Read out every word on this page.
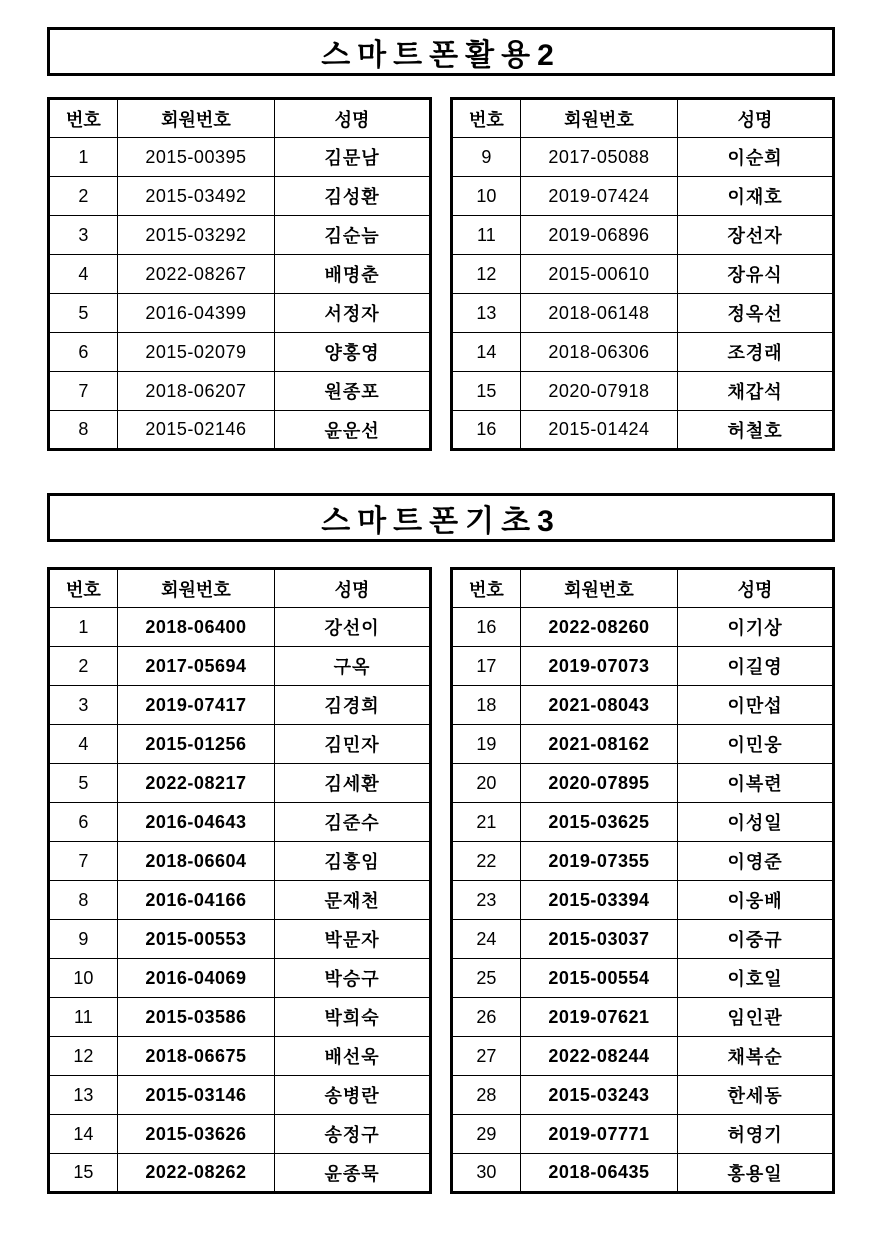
스마트폰활용2
번호	회원번호	성명
1	2015-00395	김문남
2	2015-03492	김성환
3	2015-03292	김순늠
4	2022-08267	배명춘
5	2016-04399	서정자
6	2015-02079	양홍영
7	2018-06207	원종포
8	2015-02146	윤운선
번호	회원번호	성명
9	2017-05088	이순희
10	2019-07424	이재호
11	2019-06896	장선자
12	2015-00610	장유식
13	2018-06148	정옥선
14	2018-06306	조경래
15	2020-07918	채갑석
16	2015-01424	허철호
스마트폰기초3
번호	회원번호	성명
1	2018-06400	강선이
2	2017-05694	구옥
3	2019-07417	김경희
4	2015-01256	김민자
5	2022-08217	김세환
6	2016-04643	김준수
7	2018-06604	김홍임
8	2016-04166	문재천
9	2015-00553	박문자
10	2016-04069	박승구
11	2015-03586	박희숙
12	2018-06675	배선욱
13	2015-03146	송병란
14	2015-03626	송정구
15	2022-08262	윤종묵
번호	회원번호	성명
16	2022-08260	이기상
17	2019-07073	이길영
18	2021-08043	이만섭
19	2021-08162	이민웅
20	2020-07895	이복련
21	2015-03625	이성일
22	2019-07355	이영준
23	2015-03394	이웅배
24	2015-03037	이중규
25	2015-00554	이호일
26	2019-07621	임인관
27	2022-08244	채복순
28	2015-03243	한세동
29	2019-07771	허영기
30	2018-06435	홍용일
